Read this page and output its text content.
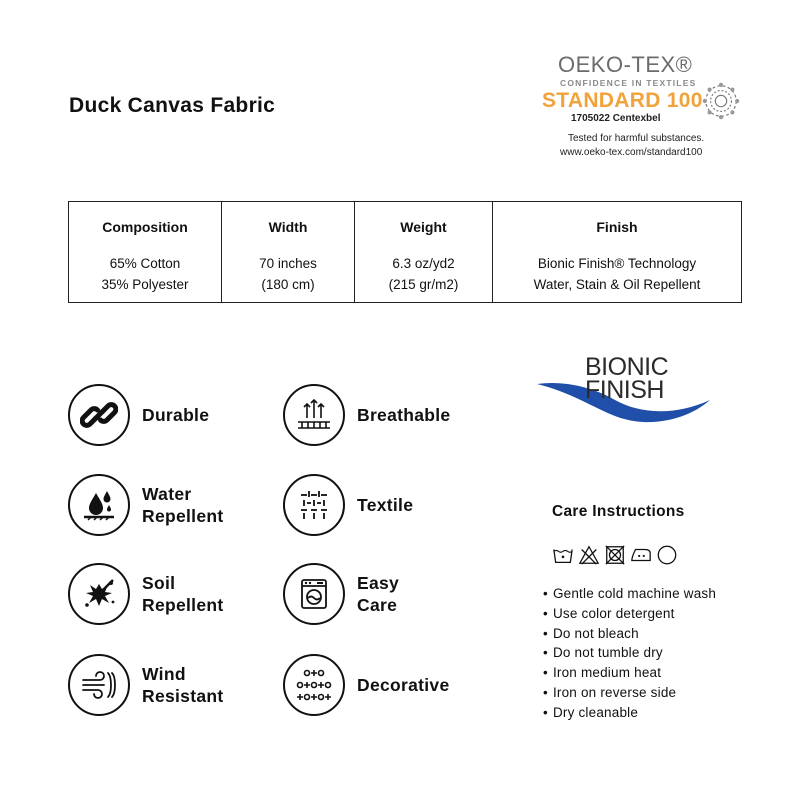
Duck Canvas Fabric
OEKO-TEX®
CONFIDENCE IN TEXTILES
STANDARD 100
1705022 Centexbel
Tested for harmful substances.
www.oeko-tex.com/standard100
Composition
65% Cotton
35% Polyester
Width
70 inches
(180 cm)
Weight
6.3 oz/yd2
(215 gr/m2)
Finish
Bionic Finish® Technology
Water, Stain & Oil Repellent
Durable
Water
Repellent
Soil
Repellent
Wind
Resistant
Breathable
Textile
Easy
Care
Decorative
BIONIC
FINISH
Care Instructions
• Gentle cold machine wash
• Use color detergent
• Do not bleach
• Do not tumble dry
• Iron medium heat
• Iron on reverse side
• Dry cleanable
